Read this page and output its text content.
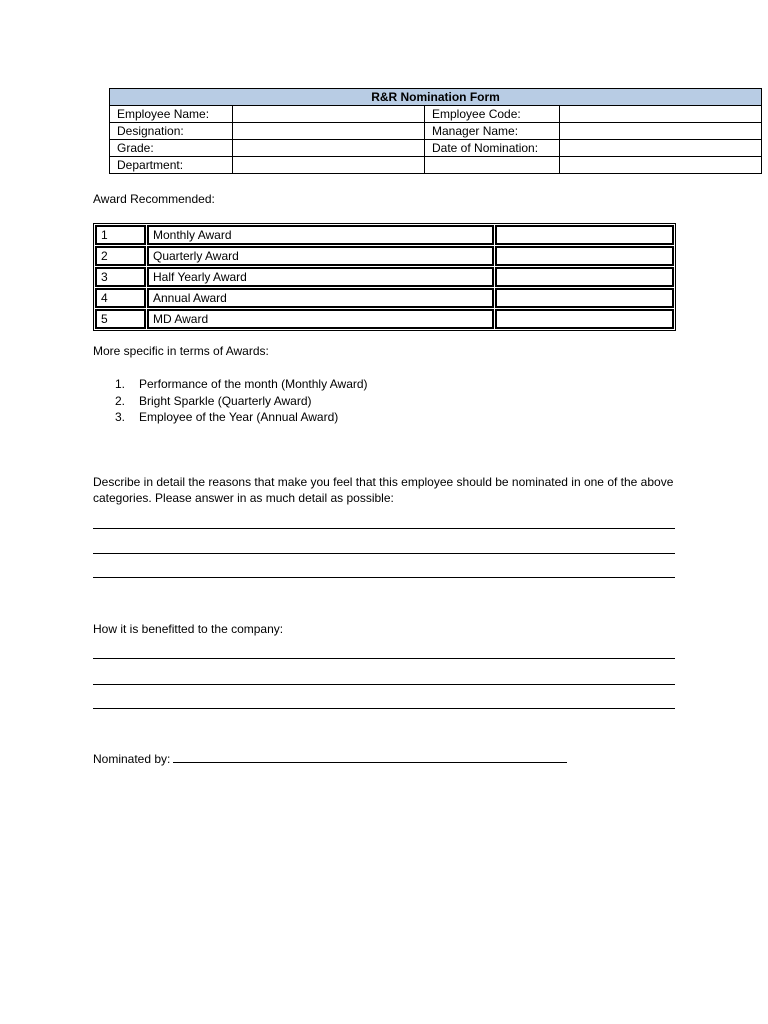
R&R Nomination Form			
Employee Name:		Employee Code:	
Designation:		Manager Name:	
Grade:		Date of Nomination:	
Department:			
Award Recommended:
1	Monthly Award	
2	Quarterly Award	
3	Half Yearly Award	
4	Annual Award	
5	MD Award	
More specific in terms of Awards:
1. Performance of the month (Monthly Award)
2. Bright Sparkle (Quarterly Award)
3. Employee of the Year (Annual Award)
Describe in detail the reasons that make you feel that this employee should be nominated in one of the above categories. Please answer in as much detail as possible:
How it is benefitted to the company:
Nominated by:
